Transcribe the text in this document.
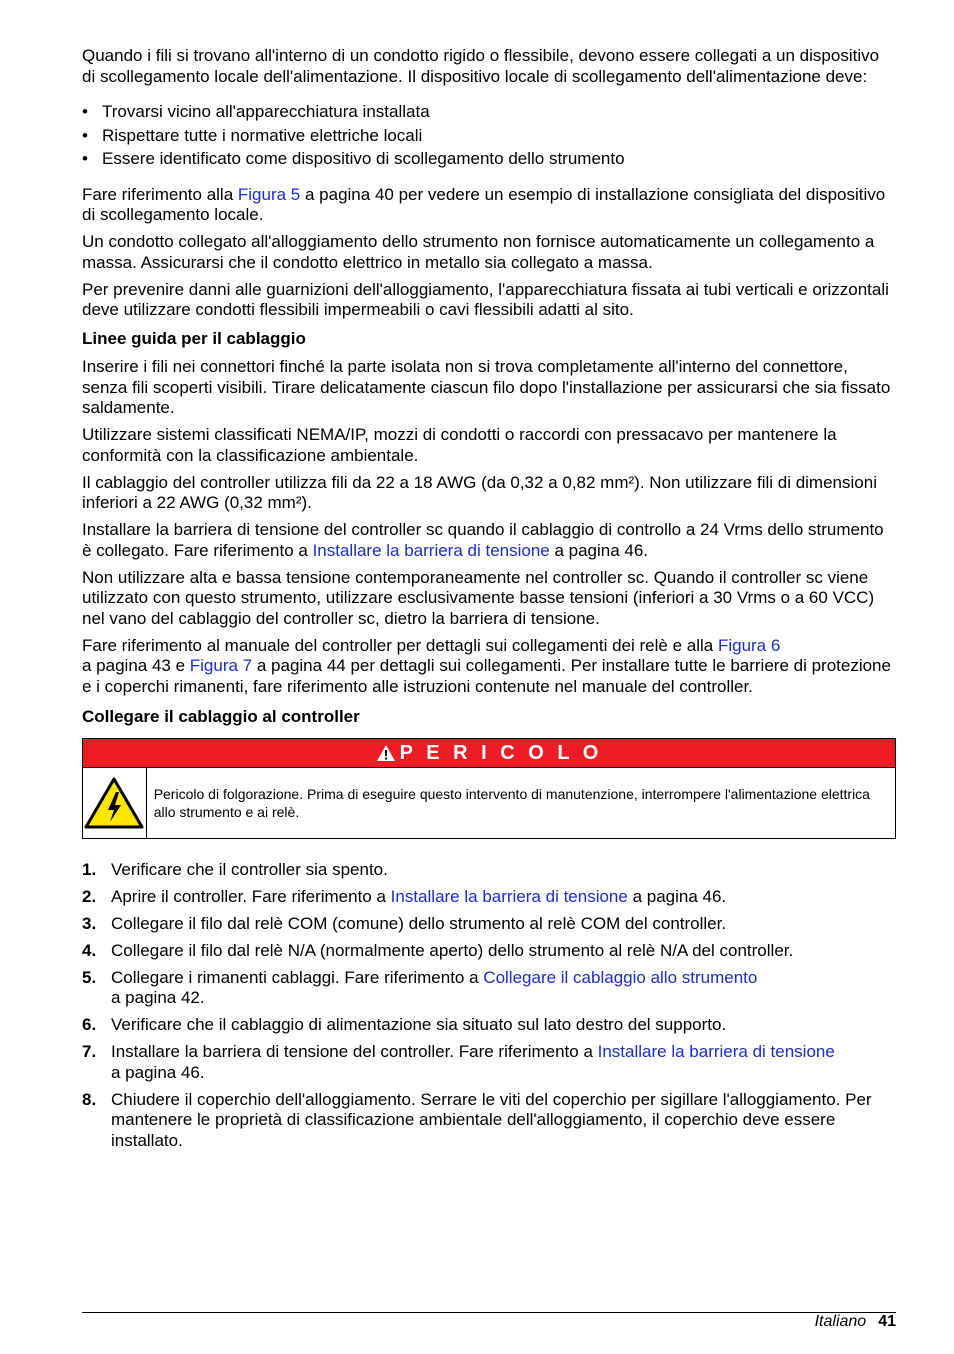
Quando i fili si trovano all'interno di un condotto rigido o flessibile, devono essere collegati a un dispositivo di scollegamento locale dell'alimentazione. Il dispositivo locale di scollegamento dell'alimentazione deve:

• Trovarsi vicino all'apparecchiatura installata
• Rispettare tutte i normative elettriche locali
• Essere identificato come dispositivo di scollegamento dello strumento

Fare riferimento alla Figura 5 a pagina 40 per vedere un esempio di installazione consigliata del dispositivo di scollegamento locale.

Un condotto collegato all'alloggiamento dello strumento non fornisce automaticamente un collegamento a massa. Assicurarsi che il condotto elettrico in metallo sia collegato a massa.

Per prevenire danni alle guarnizioni dell'alloggiamento, l'apparecchiatura fissata ai tubi verticali e orizzontali deve utilizzare condotti flessibili impermeabili o cavi flessibili adatti al sito.

Linee guida per il cablaggio

Inserire i fili nei connettori finché la parte isolata non si trova completamente all'interno del connettore, senza fili scoperti visibili. Tirare delicatamente ciascun filo dopo l'installazione per assicurarsi che sia fissato saldamente.

Utilizzare sistemi classificati NEMA/IP, mozzi di condotti o raccordi con pressacavo per mantenere la conformità con la classificazione ambientale.

Il cablaggio del controller utilizza fili da 22 a 18 AWG (da 0,32 a 0,82 mm²). Non utilizzare fili di dimensioni inferiori a 22 AWG (0,32 mm²).

Installare la barriera di tensione del controller sc quando il cablaggio di controllo a 24 Vrms dello strumento è collegato. Fare riferimento a Installare la barriera di tensione a pagina 46.

Non utilizzare alta e bassa tensione contemporaneamente nel controller sc. Quando il controller sc viene utilizzato con questo strumento, utilizzare esclusivamente basse tensioni (inferiori a 30 Vrms o a 60 VCC) nel vano del cablaggio del controller sc, dietro la barriera di tensione.

Fare riferimento al manuale del controller per dettagli sui collegamenti dei relè e alla Figura 6
a pagina 43 e Figura 7 a pagina 44 per dettagli sui collegamenti. Per installare tutte le barriere di protezione e i coperchi rimanenti, fare riferimento alle istruzioni contenute nel manuale del controller.

Collegare il cablaggio al controller
P E R I C O L O
Pericolo di folgorazione. Prima di eseguire questo intervento di manutenzione, interrompere l'alimentazione elettrica allo strumento e ai relè.
1. Verificare che il controller sia spento.
2. Aprire il controller. Fare riferimento a Installare la barriera di tensione a pagina 46.
3. Collegare il filo dal relè COM (comune) dello strumento al relè COM del controller.
4. Collegare il filo dal relè N/A (normalmente aperto) dello strumento al relè N/A del controller.
5. Collegare i rimanenti cablaggi. Fare riferimento a Collegare il cablaggio allo strumento
a pagina 42.
6. Verificare che il cablaggio di alimentazione sia situato sul lato destro del supporto.
7. Installare la barriera di tensione del controller. Fare riferimento a Installare la barriera di tensione
a pagina 46.
8. Chiudere il coperchio dell'alloggiamento. Serrare le viti del coperchio per sigillare l'alloggiamento. Per mantenere le proprietà di classificazione ambientale dell'alloggiamento, il coperchio deve essere installato.
Italiano 41
